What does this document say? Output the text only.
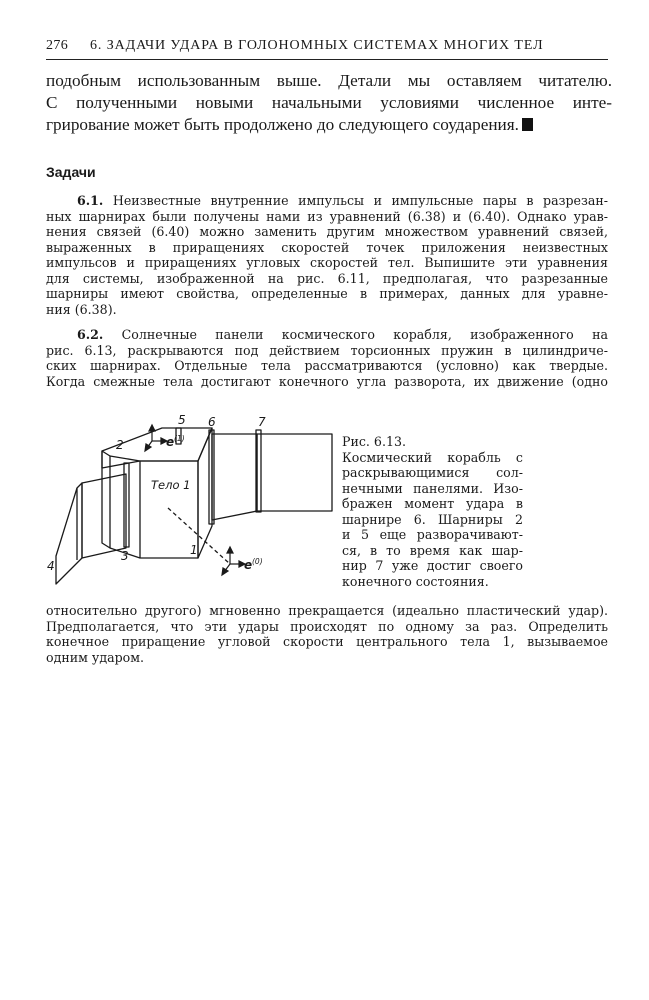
276 6. ЗАДАЧИ УДАРА В ГОЛОНОМНЫХ СИСТЕМАХ МНОГИХ ТЕЛ
подобным использованным выше. Детали мы оставляем читателю.
С полученными новыми начальными условиями численное инте-
грирование может быть продолжено до следующего соударения.
Задачи
6.1. Неизвестные внутренние импульсы и импульсные пары в разрезан-
ных шарнирах были получены нами из уравнений (6.38) и (6.40). Однако урав-
нения связей (6.40) можно заменить другим множеством уравнений связей,
выраженных в приращениях скоростей точек приложения неизвестных
импульсов и приращениях угловых скоростей тел. Выпишите эти уравнения
для системы, изображенной на рис. 6.11, предполагая, что разрезанные
шарниры имеют свойства, определенные в примерах, данных для уравне-
ния (6.38).
6.2. Солнечные панели космического корабля, изображенного на
рис. 6.13, раскрываются под действием торсионных пружин в цилиндриче-
ских шарнирах. Отдельные тела рассматриваются (условно) как твердые.
Когда смежные тела достигают конечного угла разворота, их движение (одно
Тело 1
2
3
4
5 6	7
1
e (1)
e (0)
Рис. 6.13.
Космический корабль с
раскрывающимися сол-
нечными панелями. Изо-
бражен момент удара в
шарнире 6. Шарниры 2
и 5 еще разворачивают-
ся, в то время как шар-
нир 7 уже достиг своего
конечного состояния.
относительно другого) мгновенно прекращается (идеально пластический удар).
Предполагается, что эти удары происходят по одному за раз. Определить
конечное приращение угловой скорости центрального тела 1, вызываемое
одним ударом.
